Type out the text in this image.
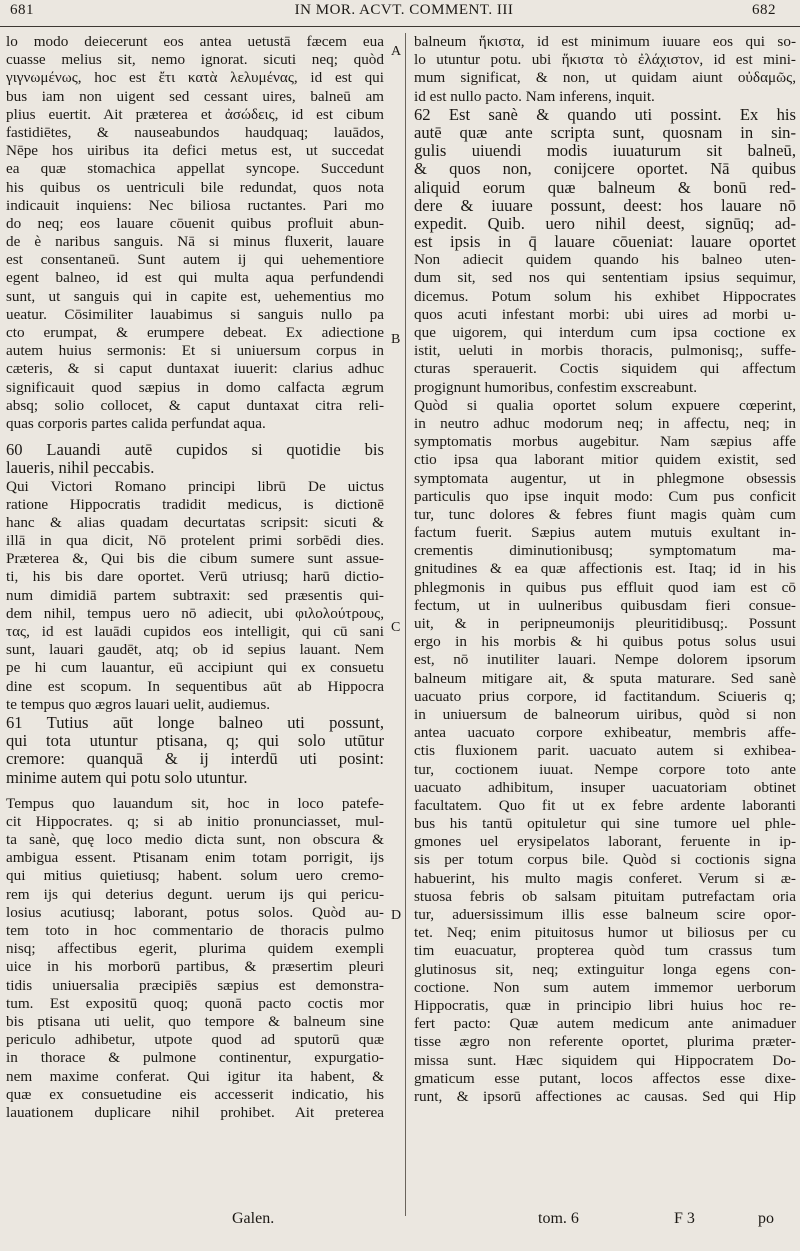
681	IN MOR. ACVT. COMMENT. III	682
lo modo deiecerunt eos antea uetustā fæcem eua
cuasse melius sit, nemo ignorat. sicuti neq; quòd
γιγνωμένως, hoc est ἔτι κατὰ λελυμένας, id est qui
bus iam non uigent sed cessant uires, balneū am
plius euertit. Ait præterea et ἀσώδεις, id est cibum
fastidiētes, & nauseabundos haudquaq; lauādos,
Nēpe hos uiribus ita defici metus est, ut succedat
ea quæ stomachica appellat syncope. Succedunt
his quibus os uentriculi bile redundat, quos nota
indicauit inquiens: Nec biliosa ructantes. Pari mo
do neq; eos lauare cōuenit quibus profluit abun-
de è naribus sanguis. Nā si minus fluxerit, lauare
est consentaneū. Sunt autem ij qui uehementiore
egent balneo, id est qui multa aqua perfundendi
sunt, ut sanguis qui in capite est, uehementius mo
ueatur. Cōsimiliter lauabimus si sanguis nullo pa
cto erumpat, & erumpere debeat. Ex adiectione
autem huius sermonis: Et si uniuersum corpus in
cæteris, & si caput duntaxat iuuerit: clarius adhuc
significauit quod sæpius in domo calfacta ægrum
absq; solio collocet, & caput duntaxat citra reli-
quas corporis partes calida perfundat aqua.
60 Lauandi autē cupidos si quotidie bis
laueris, nihil peccabis.
Qui Victori Romano principi librū De uictus
ratione Hippocratis tradidit medicus, is dictionē
hanc & alias quadam decurtatas scripsit: sicuti &
illā in qua dicit, Nō protelent primi sorbēdi dies.
Præterea &, Qui bis die cibum sumere sunt assue-
ti, his bis dare oportet. Verū utriusq; harū dictio-
num dimidiā partem subtraxit: sed præsentis qui-
dem nihil, tempus uero nō adiecit, ubi φιλολούτρους,
τας, id est lauādi cupidos eos intelligit, qui cū sani
sunt, lauari gaudēt, atq; ob id sepius lauant. Nem
pe hi cum lauantur, eū accipiunt qui ex consuetu
dine est scopum. In sequentibus aūt ab Hippocra
te tempus quo ægros lauari uelit, audiemus.
61 Tutius aūt longe balneo uti possunt,
qui tota utuntur ptisana, q; qui solo utūtur
cremore: quanquā & ij interdū uti posint:
minime autem qui potu solo utuntur.
Tempus quo lauandum sit, hoc in loco patefe-
cit Hippocrates. q; si ab initio pronunciasset, mul-
ta sanè, quę loco medio dicta sunt, non obscura &
ambigua essent. Ptisanam enim totam porrigit, ijs
qui mitius quietiusq; habent. solum uero cremo-
rem ijs qui deterius degunt. uerum ijs qui pericu-
losius acutiusq; laborant, potus solos. Quòd au-
tem toto in hoc commentario de thoracis pulmo
nisq; affectibus egerit, plurima quidem exempli
uice in his morborū partibus, & præsertim pleuri
tidis uniuersalia præcipiēs sæpius est demonstra-
tum. Est expositū quoq; quonā pacto coctis mor
bis ptisana uti uelit, quo tempore & balneum sine
periculo adhibetur, utpote quod ad sputorū quæ
in thorace & pulmone continentur, expurgatio-
nem maxime conferat. Qui igitur ita habent, &
quæ ex consuetudine eis accesserit indicatio, his
lauationem duplicare nihil prohibet. Ait preterea
A
B
C
D
balneum ἥκιστα, id est minimum iuuare eos qui so-
lo utuntur potu. ubi ἥκιστα τὸ ἐλάχιστον, id est mini-
mum significat, & non, ut quidam aiunt οὐδαμῶς,
id est nullo pacto. Nam inferens, inquit.
62 Est sanè & quando uti possint. Ex his
autē quæ ante scripta sunt, quosnam in sin-
gulis uiuendi modis iuuaturum sit balneū,
& quos non, conijcere oportet. Nā quibus
aliquid eorum quæ balneum & bonū red-
dere & iuuare possunt, deest: hos lauare nō
expedit. Quib. uero nihil deest, signūq; ad-
est ipsis in q̄ lauare cōueniat: lauare oportet
Non adiecit quidem quando his balneo uten-
dum sit, sed nos qui sententiam ipsius sequimur,
dicemus. Potum solum his exhibet Hippocrates
quos acuti infestant morbi: ubi uires ad morbi u-
que uigorem, qui interdum cum ipsa coctione ex
istit, ueluti in morbis thoracis, pulmonisq;, suffe-
cturas sperauerit. Coctis siquidem qui affectum
progignunt humoribus, confestim exscreabunt.
Quòd si qualia oportet solum expuere cœperint,
in neutro adhuc modorum neq; in affectu, neq; in
symptomatis morbus augebitur. Nam sæpius affe
ctio ipsa qua laborant mitior quidem existit, sed
symptomata augentur, ut in phlegmone obsessis
particulis quo ipse inquit modo: Cum pus conficit
tur, tunc dolores & febres fiunt magis quàm cum
factum fuerit. Sæpius autem mutuis exultant in-
crementis diminutionibusq; symptomatum ma-
gnitudines & ea quæ affectionis est. Itaq; id in his
phlegmonis in quibus pus effluit quod iam est cō
fectum, ut in uulneribus quibusdam fieri consue-
uit, & in peripneumonijs pleuritidibusq;. Possunt
ergo in his morbis & hi quibus potus solus usui
est, nō inutiliter lauari. Nempe dolorem ipsorum
balneum mitigare ait, & sputa maturare. Sed sanè
uacuato prius corpore, id factitandum. Sciueris q;
in uniuersum de balneorum uiribus, quòd si non
antea uacuato corpore exhibeatur, membris affe-
ctis fluxionem parit. uacuato autem si exhibea-
tur, coctionem iuuat. Nempe corpore toto ante
uacuato adhibitum, insuper uacuatoriam obtinet
facultatem. Quo fit ut ex febre ardente laboranti
bus his tantū opituletur qui sine tumore uel phle-
gmones uel erysipelatos laborant, feruente in ip-
sis per totum corpus bile. Quòd si coctionis signa
habuerint, his multo magis conferet. Verum si æ-
stuosa febris ob salsam pituitam putrefactam oria
tur, aduersissimum illis esse balneum scire opor-
tet. Neq; enim pituitosus humor ut biliosus per cu
tim euacuatur, propterea quòd tum crassus tum
glutinosus sit, neq; extinguitur longa egens con-
coctione. Non sum autem immemor uerborum
Hippocratis, quæ in principio libri huius hoc re-
fert pacto: Quæ autem medicum ante animaduer
tisse ægro non referente oportet, plurima præter-
missa sunt. Hæc siquidem qui Hippocratem Do-
gmaticum esse putant, locos affectos esse dixe-
runt, & ipsorū affectiones ac causas. Sed qui Hip
Galen.	tom. 6	F 3	po
